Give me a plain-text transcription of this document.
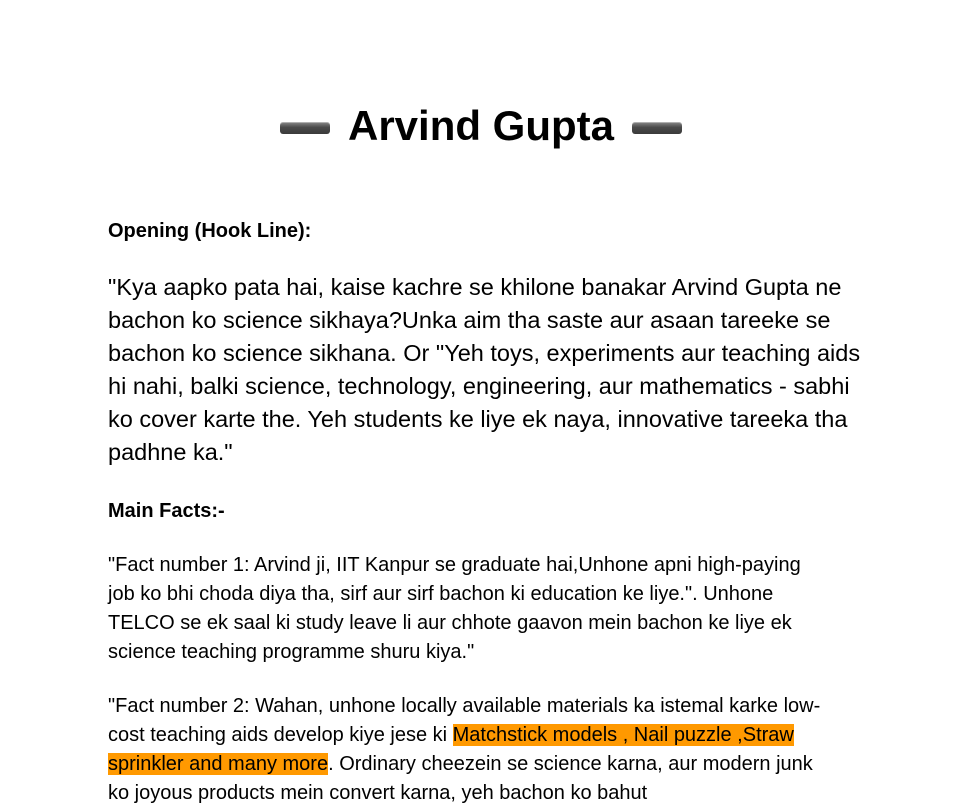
Arvind Gupta
Opening (Hook Line):
"Kya aapko pata hai, kaise kachre se khilone banakar Arvind Gupta ne bachon ko science sikhaya?Unka aim tha saste aur asaan tareeke se bachon ko science sikhana. Or "Yeh toys, experiments aur teaching aids hi nahi, balki science, technology, engineering, aur mathematics - sabhi ko cover karte the. Yeh students ke liye ek naya, innovative tareeka tha padhne ka."
Main Facts:-
"Fact number 1: Arvind ji, IIT Kanpur se graduate hai,Unhone apni high-paying job ko bhi choda diya tha, sirf aur sirf bachon ki education ke liye.". Unhone TELCO se ek saal ki study leave li aur chhote gaavon mein bachon ke liye ek science teaching programme shuru kiya."
"Fact number 2: Wahan, unhone locally available materials ka istemal karke low-cost teaching aids develop kiye jese ki Matchstick models , Nail puzzle ,Straw sprinkler and many more. Ordinary cheezein se science karna, aur modern junk ko joyous products mein convert karna, yeh bachon ko bahut
